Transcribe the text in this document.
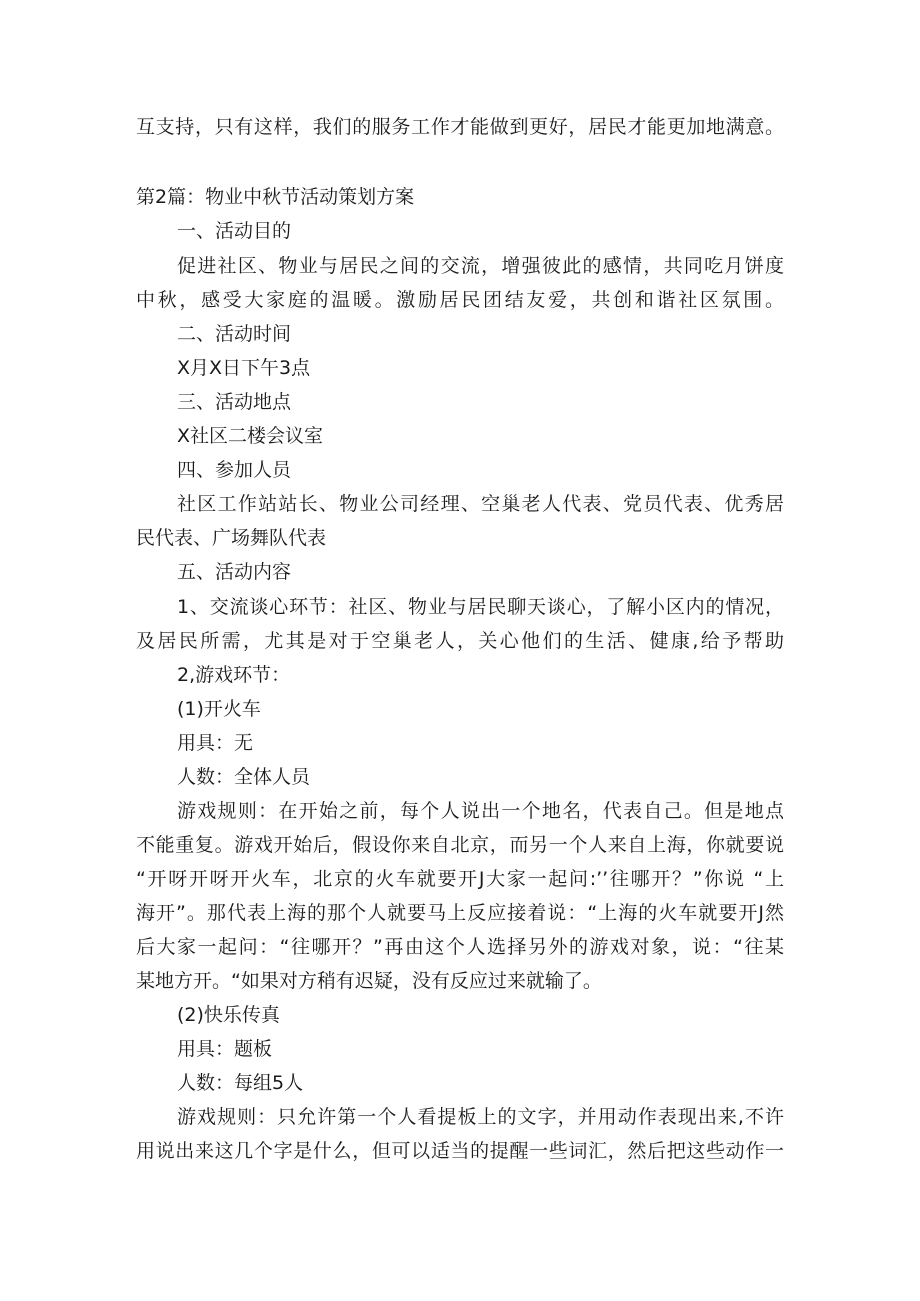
互支持，只有这样，我们的服务工作才能做到更好，居民才能更加地满意。
第2篇：物业中秋节活动策划方案
一、活动目的
促进社区、物业与居民之间的交流，增强彼此的感情，共同吃月饼度
中秋，感受大家庭的温暖。激励居民团结友爱，共创和谐社区氛围。
二、活动时间
X月X日下午3点
三、活动地点
X社区二楼会议室
四、参加人员
社区工作站站长、物业公司经理、空巢老人代表、党员代表、优秀居
民代表、广场舞队代表
五、活动内容
1、交流谈心环节：社区、物业与居民聊天谈心，了解小区内的情况，
及居民所需，尤其是对于空巢老人，关心他们的生活、健康,给予帮助
2,游戏环节：
(1)开火车
用具：无
人数：全体人员
游戏规则：在开始之前，每个人说出一个地名，代表自己。但是地点
不能重复。游戏开始后，假设你来自北京，而另一个人来自上海，你就要说
“开呀开呀开火车，北京的火车就要开J大家一起问:’’往哪开？”你说 “上
海开”。那代表上海的那个人就要马上反应接着说：“上海的火车就要开J然
后大家一起问：“往哪开？”再由这个人选择另外的游戏对象，说：“往某
某地方开。“如果对方稍有迟疑，没有反应过来就输了。
(2)快乐传真
用具：题板
人数：每组5人
游戏规则：只允许第一个人看提板上的文字，并用动作表现出来,不许
用说出来这几个字是什么，但可以适当的提醒一些词汇，然后把这些动作一
